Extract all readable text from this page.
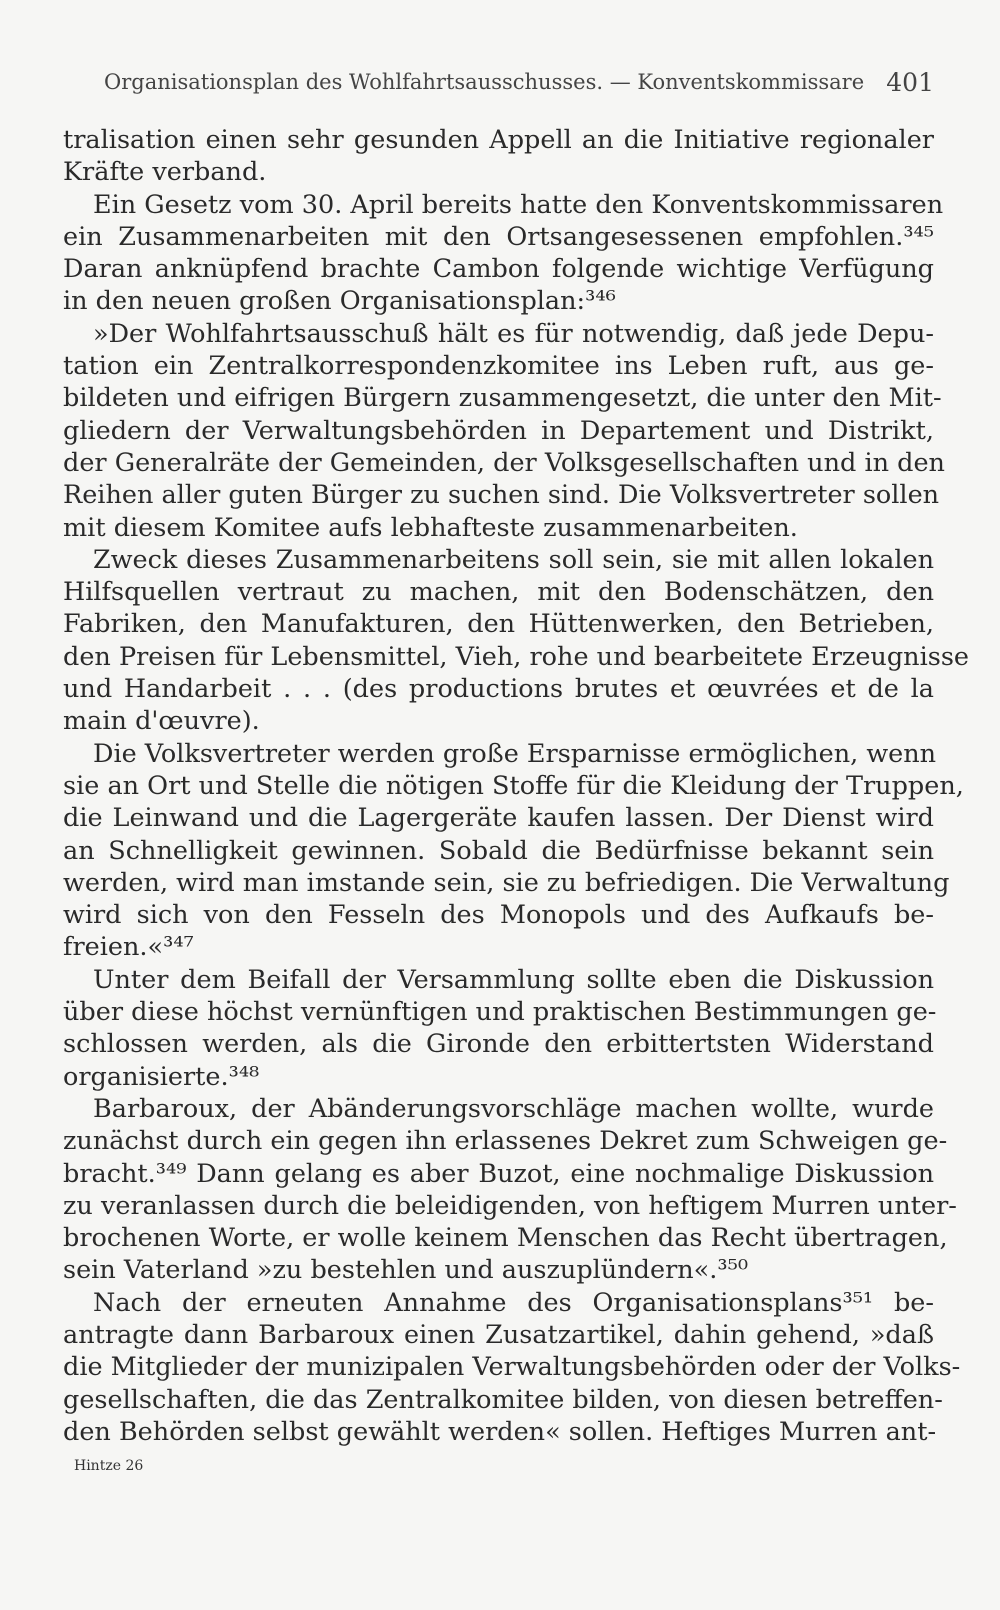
Organisationsplan des Wohlfahrtsausschusses. — Konventskommissare 401
tralisation einen sehr gesunden Appell an die Initiative regionaler
Kräfte verband.
Ein Gesetz vom 30. April bereits hatte den Konventskommissaren
ein Zusammenarbeiten mit den Ortsangesessenen empfohlen.³⁴⁵
Daran anknüpfend brachte Cambon folgende wichtige Verfügung
in den neuen großen Organisationsplan:³⁴⁶
»Der Wohlfahrtsausschuß hält es für notwendig, daß jede Depu-
tation ein Zentralkorrespondenzkomitee ins Leben ruft, aus ge-
bildeten und eifrigen Bürgern zusammengesetzt, die unter den Mit-
gliedern der Verwaltungsbehörden in Departement und Distrikt,
der Generalräte der Gemeinden, der Volksgesellschaften und in den
Reihen aller guten Bürger zu suchen sind. Die Volksvertreter sollen
mit diesem Komitee aufs lebhafteste zusammenarbeiten.
Zweck dieses Zusammenarbeitens soll sein, sie mit allen lokalen
Hilfsquellen vertraut zu machen, mit den Bodenschätzen, den
Fabriken, den Manufakturen, den Hüttenwerken, den Betrieben,
den Preisen für Lebensmittel, Vieh, rohe und bearbeitete Erzeugnisse
und Handarbeit . . . (des productions brutes et œuvrées et de la
main d'œuvre).
Die Volksvertreter werden große Ersparnisse ermöglichen, wenn
sie an Ort und Stelle die nötigen Stoffe für die Kleidung der Truppen,
die Leinwand und die Lagergeräte kaufen lassen. Der Dienst wird
an Schnelligkeit gewinnen. Sobald die Bedürfnisse bekannt sein
werden, wird man imstande sein, sie zu befriedigen. Die Verwaltung
wird sich von den Fesseln des Monopols und des Aufkaufs be-
freien.«³⁴⁷
Unter dem Beifall der Versammlung sollte eben die Diskussion
über diese höchst vernünftigen und praktischen Bestimmungen ge-
schlossen werden, als die Gironde den erbittertsten Widerstand
organisierte.³⁴⁸
Barbaroux, der Abänderungsvorschläge machen wollte, wurde
zunächst durch ein gegen ihn erlassenes Dekret zum Schweigen ge-
bracht.³⁴⁹ Dann gelang es aber Buzot, eine nochmalige Diskussion
zu veranlassen durch die beleidigenden, von heftigem Murren unter-
brochenen Worte, er wolle keinem Menschen das Recht übertragen,
sein Vaterland »zu bestehlen und auszuplündern«.³⁵⁰
Nach der erneuten Annahme des Organisationsplans³⁵¹ be-
antragte dann Barbaroux einen Zusatzartikel, dahin gehend, »daß
die Mitglieder der munizipalen Verwaltungsbehörden oder der Volks-
gesellschaften, die das Zentralkomitee bilden, von diesen betreffen-
den Behörden selbst gewählt werden« sollen. Heftiges Murren ant-
Hintze 26
